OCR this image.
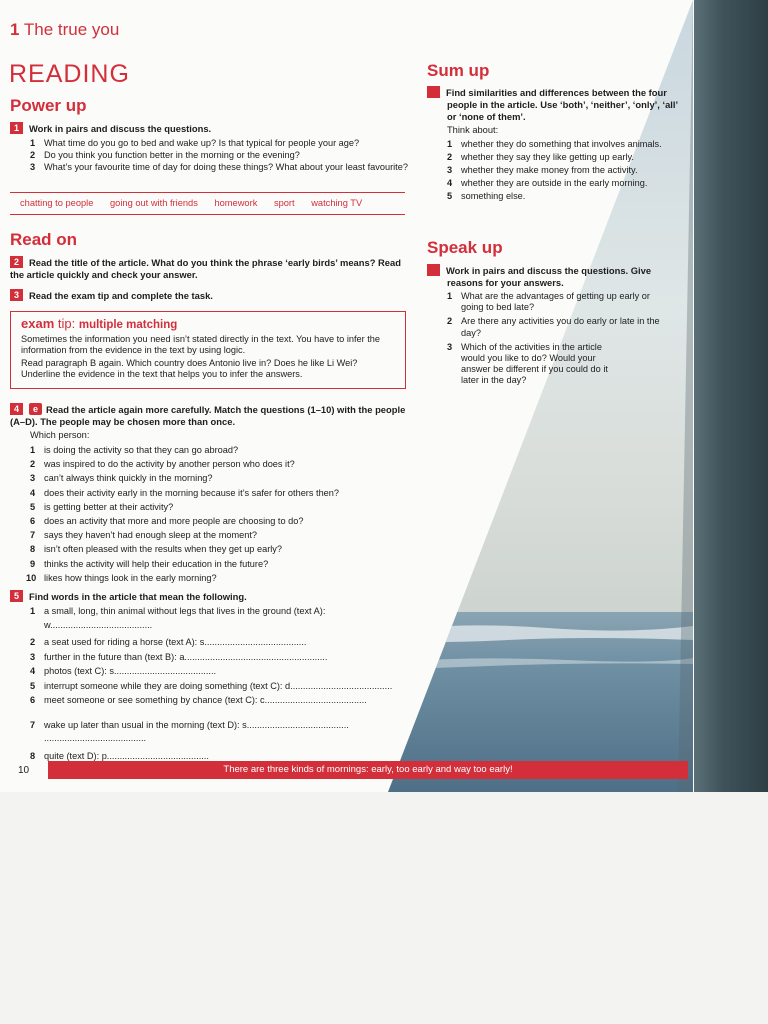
1 The true you
READING
Power up
1 Work in pairs and discuss the questions.
1 What time do you go to bed and wake up? Is that typical for people your age?
2 Do you think you function better in the morning or the evening?
3 What’s your favourite time of day for doing these things? What about your least favourite?
chatting to people going out with friends homework sport watching TV
Read on
2 Read the title of the article. What do you think the phrase ‘early birds’ means? Read the article quickly and check your answer.
3 Read the exam tip and complete the task.
exam tip: multiple matching
Sometimes the information you need isn’t stated directly in the text. You have to infer the information from the evidence in the text by using logic.
Read paragraph B again. Which country does Antonio live in? Does he like Li Wei? Underline the evidence in the text that helps you to infer the answers.
4 e Read the article again more carefully. Match the questions (1–10) with the people (A–D). The people may be chosen more than once.
Which person:
1 is doing the activity so that they can go abroad?
2 was inspired to do the activity by another person who does it?
3 can’t always think quickly in the morning?
4 does their activity early in the morning because it’s safer for others then?
5 is getting better at their activity?
6 does an activity that more and more people are choosing to do?
7 says they haven’t had enough sleep at the moment?
8 isn’t often pleased with the results when they get up early?
9 thinks the activity will help their education in the future?
10 likes how things look in the early morning?
5 Find words in the article that mean the following.
1 a small, long, thin animal without legs that lives in the ground (text A):
w........................................
2 a seat used for riding a horse (text A): s........................................
3 further in the future than (text B): a........................................................
4 photos (text C): s........................................
5 interrupt someone while they are doing something (text C): d........................................
6 meet someone or see something by chance (text C): c........................................
7 wake up later than usual in the morning (text D): s........................................
........................................
8 quite (text D): p........................................
Sum up
6 Find similarities and differences between the four people in the article. Use ‘both’, ‘neither’, ‘only’, ‘all’ or ‘none of them’.
Think about:
1 whether they do something that involves animals.
2 whether they say they like getting up early.
3 whether they make money from the activity.
4 whether they are outside in the early morning.
5 something else.
Speak up
7 Work in pairs and discuss the questions. Give reasons for your answers.
1 What are the advantages of getting up early or going to bed late?
2 Are there any activities you do early or late in the day?
3 Which of the activities in the article would you like to do? Would your answer be different if you could do it later in the day?
10	There are three kinds of mornings: early, too early and way too early!
